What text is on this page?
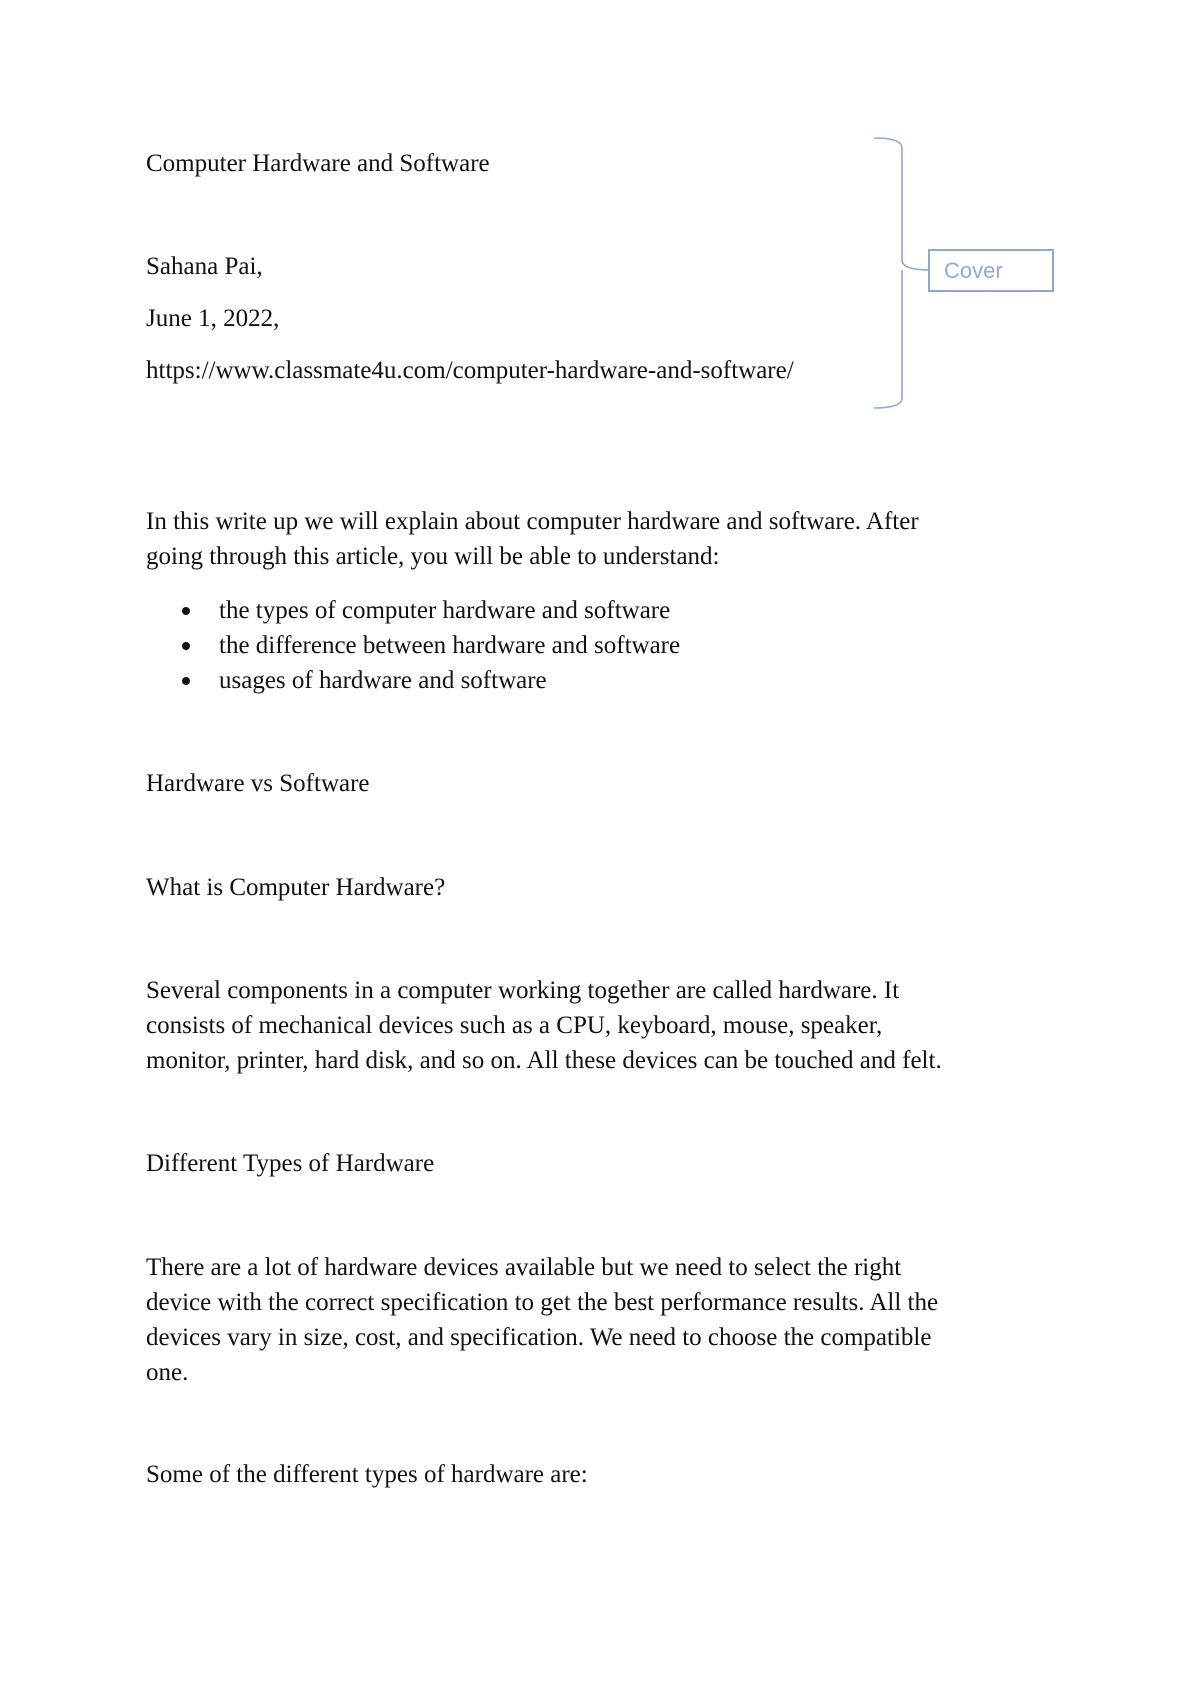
Computer Hardware and Software
Sahana Pai,
June 1, 2022,
https://www.classmate4u.com/computer-hardware-and-software/
Cover
In this write up we will explain about computer hardware and software. After
going through this article, you will be able to understand:
the types of computer hardware and software
the difference between hardware and software
usages of hardware and software
Hardware vs Software
What is Computer Hardware?
Several components in a computer working together are called hardware. It
consists of mechanical devices such as a CPU, keyboard, mouse, speaker,
monitor, printer, hard disk, and so on. All these devices can be touched and felt.
Different Types of Hardware
There are a lot of hardware devices available but we need to select the right
device with the correct specification to get the best performance results. All the
devices vary in size, cost, and specification. We need to choose the compatible
one.
Some of the different types of hardware are:
